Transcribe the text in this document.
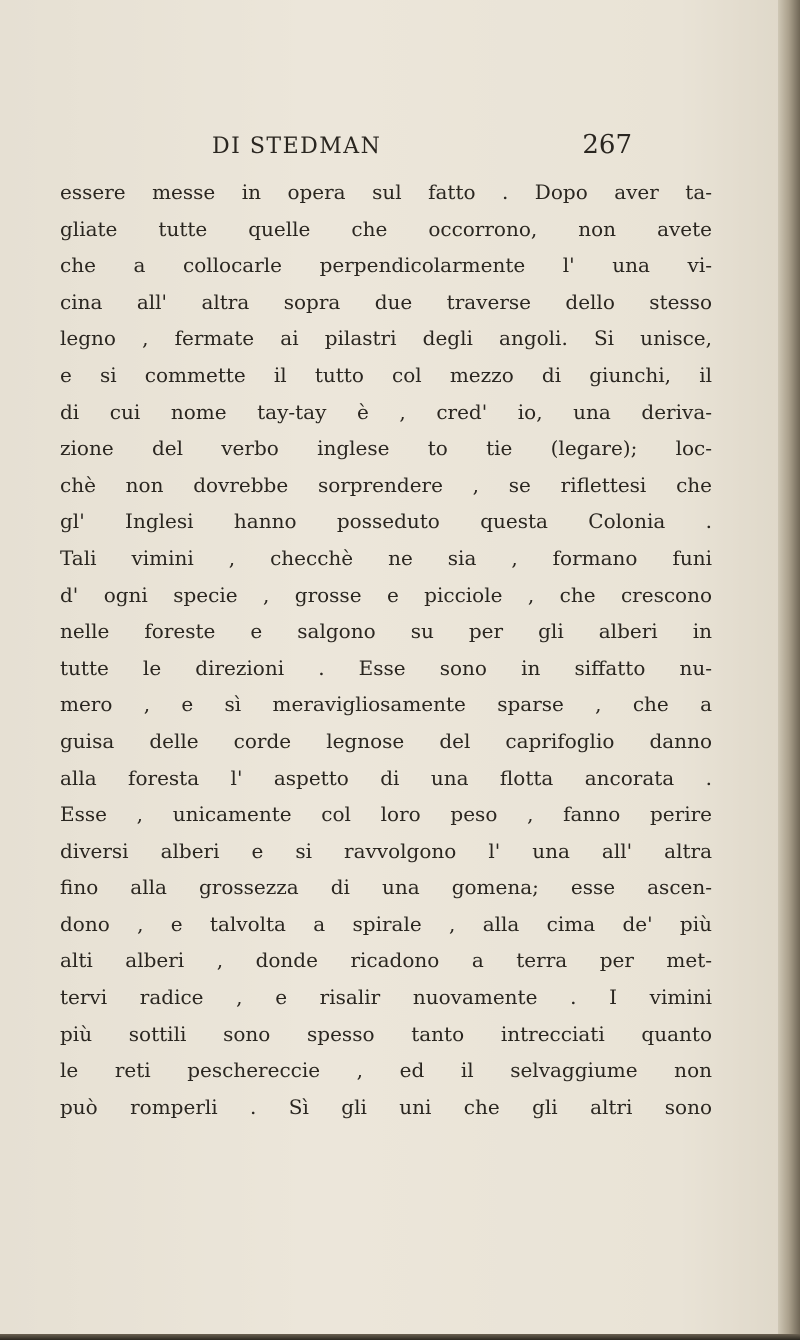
DI STEDMAN	267
essere messe in opera sul fatto . Dopo aver ta-
gliate tutte quelle che occorrono, non avete
che a collocarle perpendicolarmente l' una vi-
cina all' altra sopra due traverse dello stesso
legno , fermate ai pilastri degli angoli. Si unisce,
e si commette il tutto col mezzo di giunchi, il
di cui nome tay-tay è , cred' io, una deriva-
zione del verbo inglese to tie (legare); loc-
chè non dovrebbe sorprendere , se riflettesi che
gl' Inglesi hanno posseduto questa Colonia .
Tali vimini , checchè ne sia , formano funi
d' ogni specie , grosse e picciole , che crescono
nelle foreste e salgono su per gli alberi in
tutte le direzioni . Esse sono in siffatto nu-
mero , e sì meravigliosamente sparse , che a
guisa delle corde legnose del caprifoglio danno
alla foresta l' aspetto di una flotta ancorata .
Esse , unicamente col loro peso , fanno perire
diversi alberi e si ravvolgono l' una all' altra
fino alla grossezza di una gomena; esse ascen-
dono , e talvolta a spirale , alla cima de' più
alti alberi , donde ricadono a terra per met-
tervi radice , e risalir nuovamente . I vimini
più sottili sono spesso tanto intrecciati quanto
le reti peschereccie , ed il selvaggiume non
può romperli . Sì gli uni che gli altri sono
